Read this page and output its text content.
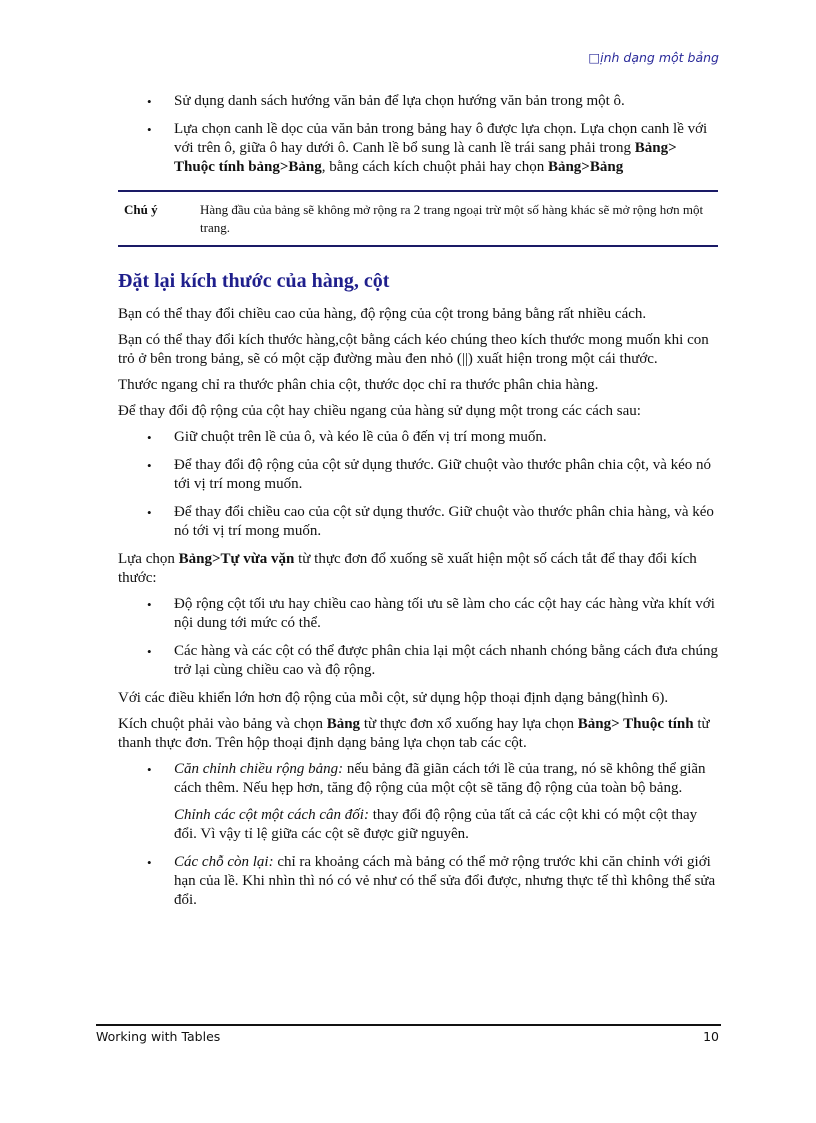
□ịnh dạng một bảng
• Sử dụng danh sách hướng văn bản để lựa chọn hướng văn bản trong một ô.
• Lựa chọn canh lề dọc của văn bản trong bảng hay ô được lựa chọn. Lựa chọn canh lề với với trên ô, giữa ô hay dưới ô. Canh lề bổ sung là canh lề trái sang phải trong Bảng> Thuộc tính bảng>Bảng, bằng cách kích chuột phải hay chọn Bảng>Bảng
Chú ý	Hàng đầu của bảng sẽ không mở rộng ra 2 trang ngoại trừ một số hàng khác sẽ mở rộng hơn một trang.
Đặt lại kích thước của hàng, cột

Bạn có thể thay đổi chiều cao của hàng, độ rộng của cột trong bảng bằng rất nhiều cách.

Bạn có thể thay đổi kích thước hàng,cột bằng cách kéo chúng theo kích thước mong muốn khi con trỏ ở bên trong bảng, sẽ có một cặp đường màu đen nhỏ (||) xuất hiện trong một cái thước.

Thước ngang chỉ ra thước phân chia cột, thước dọc chỉ ra thước phân chia hàng.

Để thay đổi độ rộng của cột hay chiều ngang của hàng sử dụng một trong các cách sau:

• Giữ chuột trên lề của ô, và kéo lề của ô đến vị trí mong muốn.
• Để thay đổi độ rộng của cột sử dụng thước. Giữ chuột vào thước phân chia cột, và kéo nó tới vị trí mong muốn.
• Để thay đổi chiều cao của cột sử dụng thước. Giữ chuột vào thước phân chia hàng, và kéo nó tới vị trí mong muốn.

Lựa chọn Bảng>Tự vừa vặn từ thực đơn đổ xuống sẽ xuất hiện một số cách tắt để thay đổi kích thước:

• Độ rộng cột tối ưu hay chiều cao hàng tối ưu sẽ làm cho các cột hay các hàng vừa khít với nội dung tới mức có thể.
• Các hàng và các cột có thể được phân chia lại một cách nhanh chóng bằng cách đưa chúng trở lại cùng chiều cao và độ rộng.

Với các điều khiển lớn hơn độ rộng của mỗi cột, sử dụng hộp thoại định dạng bảng(hình 6).

Kích chuột phải vào bảng và chọn Bảng từ thực đơn xổ xuống hay lựa chọn Bảng> Thuộc tính từ thanh thực đơn. Trên hộp thoại định dạng bảng lựa chọn tab các cột.

• Căn chỉnh chiều rộng bảng: nếu bảng đã giãn cách tới lề của trang, nó sẽ không thể giãn cách thêm. Nếu hẹp hơn, tăng độ rộng của một cột sẽ tăng độ rộng của toàn bộ bảng.
Chỉnh các cột một cách cân đối: thay đổi độ rộng của tất cả các cột khi có một cột thay đổi. Vì vậy tỉ lệ giữa các cột sẽ được giữ nguyên.
• Các chỗ còn lại: chỉ ra khoảng cách mà bảng có thể mở rộng trước khi căn chỉnh với giới hạn của lề. Khi nhìn thì nó có vẻ như có thể sửa đổi được, nhưng thực tế thì không thể sửa đổi.
Working with Tables	10
